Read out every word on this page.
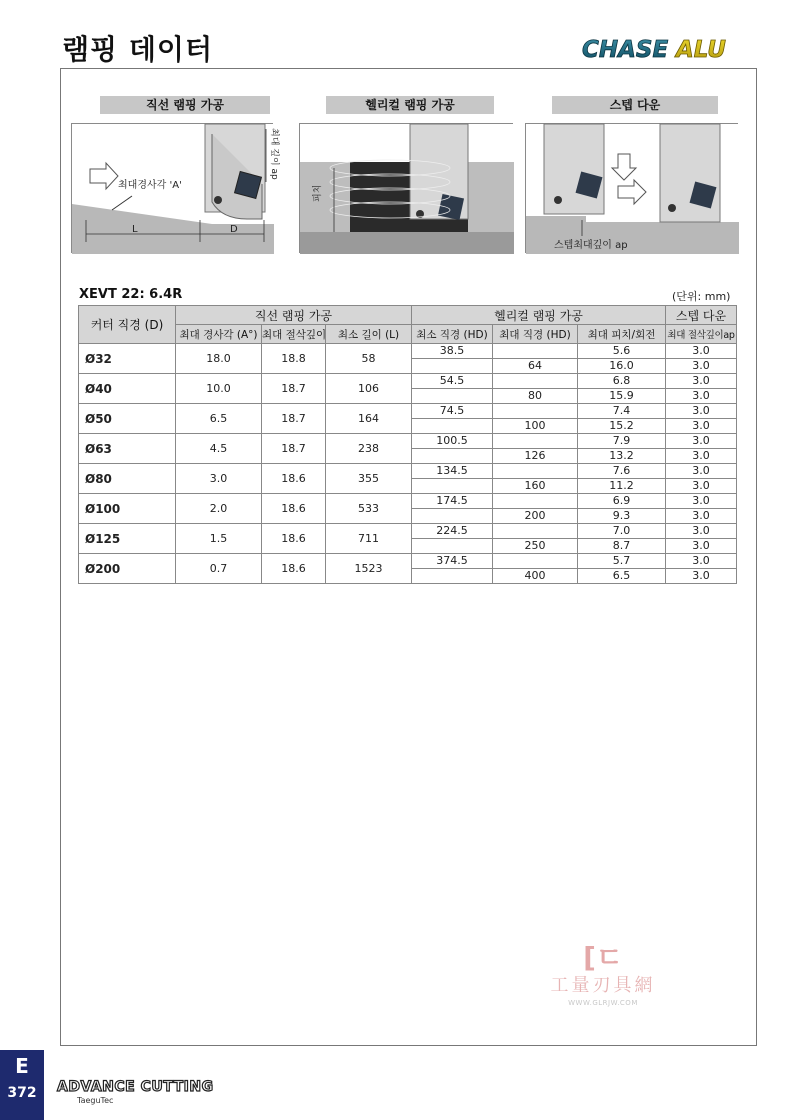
램핑 데이터	CHASE ALU
직선 램핑 가공	헬리컬 램핑 가공	스텝 다운
최대경사각 'A'
L	D
최대 깊이 ap
피치
스텝최대깊이 ap
XEVT 22: 6.4R	(단위: mm)
커터 직경 (D)	직선 램핑 가공			헬리컬 램핑 가공			스텝 다운
	최대 경사각 (A°)	최대 절삭깊이	최소 길이 (L)	최소 직경 (HD)	최대 직경 (HD)	최대 피치/회전	최대 절삭깊이ap
Ø32	18.0	18.8	58	38.5		5.6	3.0
					64	16.0	3.0
Ø40	10.0	18.7	106	54.5		6.8	3.0
					80	15.9	3.0
Ø50	6.5	18.7	164	74.5		7.4	3.0
					100	15.2	3.0
Ø63	4.5	18.7	238	100.5		7.9	3.0
					126	13.2	3.0
Ø80	3.0	18.6	355	134.5		7.6	3.0
					160	11.2	3.0
Ø100	2.0	18.6	533	174.5		6.9	3.0
					200	9.3	3.0
Ø125	1.5	18.6	711	224.5		7.0	3.0
					250	8.7	3.0
Ø200	0.7	18.6	1523	374.5		5.7	3.0
					400	6.5	3.0
[ㄷ
工量刃具網
WWW.GLRJW.COM
E
372	ADVANCE CUTTING
TaeguTec
